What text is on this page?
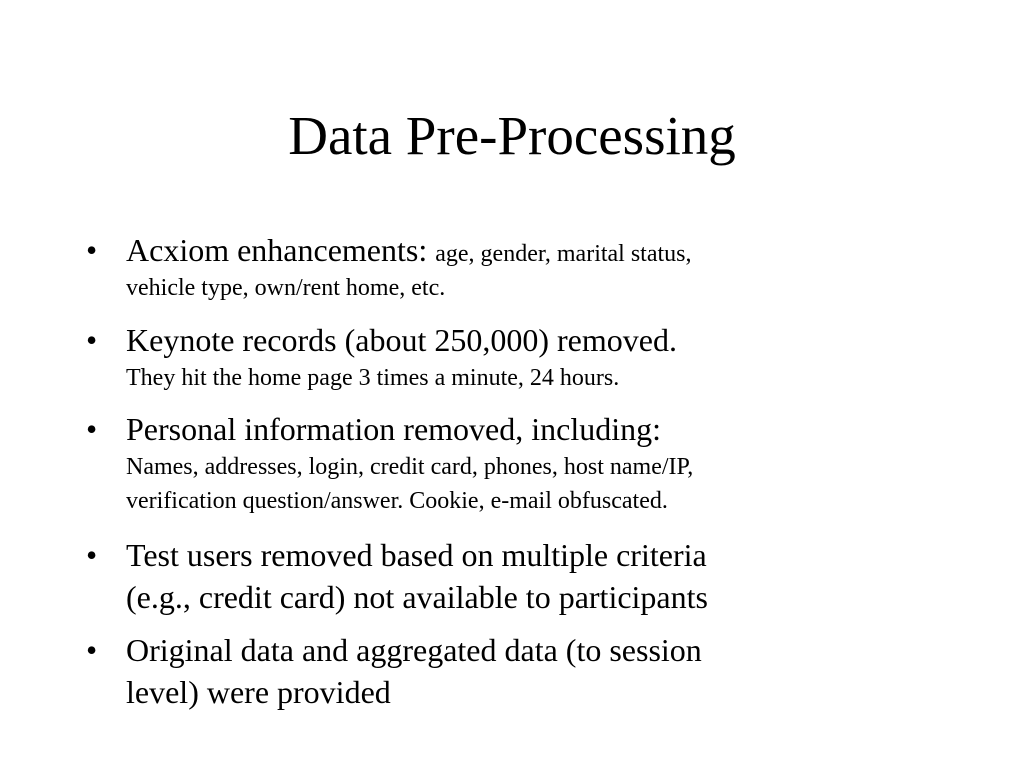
Data Pre-Processing
• Acxiom enhancements: age, gender, marital status,
vehicle type, own/rent home, etc.
• Keynote records (about 250,000) removed.
They hit the home page 3 times a minute, 24 hours.
• Personal information removed, including:
Names, addresses, login, credit card, phones, host name/IP,
verification question/answer. Cookie, e-mail obfuscated.
• Test users removed based on multiple criteria
(e.g., credit card) not available to participants
• Original data and aggregated data (to session
level) were provided
